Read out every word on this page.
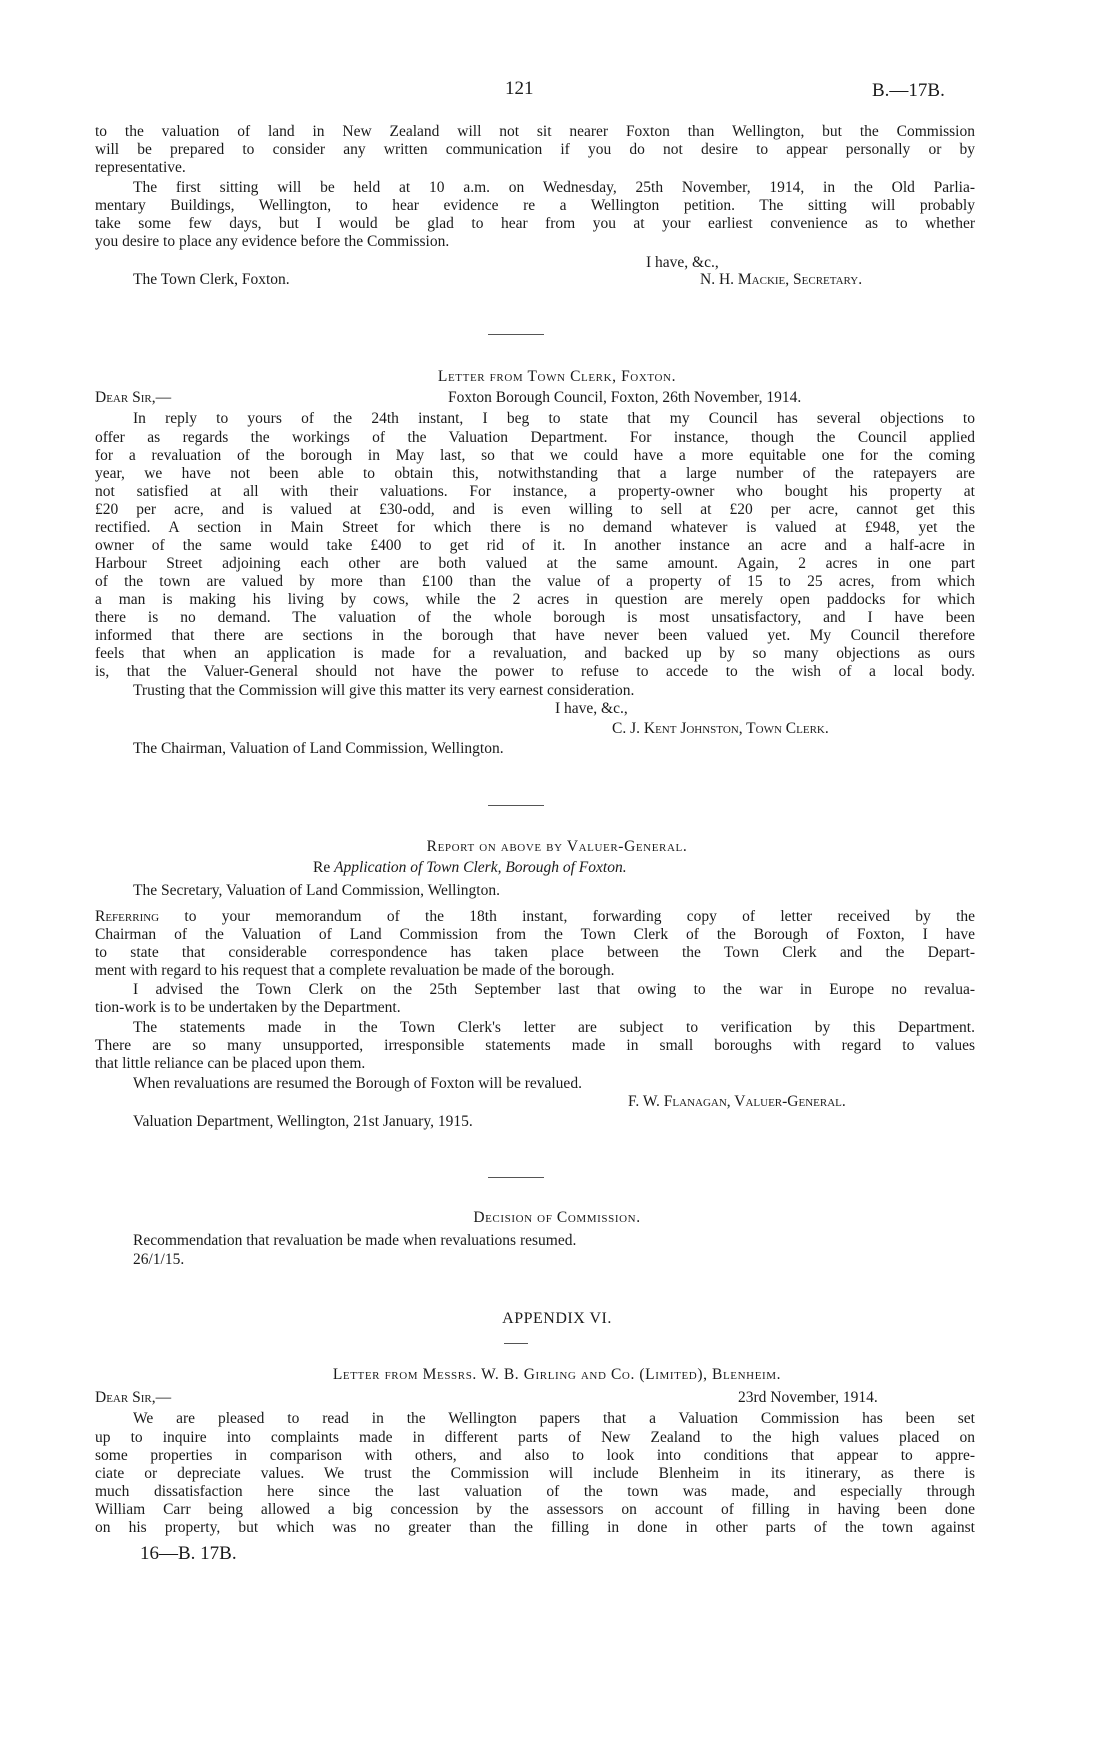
121	B.—17B.
to the valuation of land in New Zealand will not sit nearer Foxton than Wellington, but the Commission
will be prepared to consider any written communication if you do not desire to appear personally or by
representative.
The first sitting will be held at 10 a.m. on Wednesday, 25th November, 1914, in the Old Parlia-
mentary Buildings, Wellington, to hear evidence re a Wellington petition. The sitting will probably
take some few days, but I would be glad to hear from you at your earliest convenience as to whether
you desire to place any evidence before the Commission.
I have, &c.,
The Town Clerk, Foxton.	N. H. Mackie, Secretary.
Letter from Town Clerk, Foxton.
Dear Sir,—	Foxton Borough Council, Foxton, 26th November, 1914.
In reply to yours of the 24th instant, I beg to state that my Council has several objections to
offer as regards the workings of the Valuation Department. For instance, though the Council applied
for a revaluation of the borough in May last, so that we could have a more equitable one for the coming
year, we have not been able to obtain this, notwithstanding that a large number of the ratepayers are
not satisfied at all with their valuations. For instance, a property-owner who bought his property at
£20 per acre, and is valued at £30-odd, and is even willing to sell at £20 per acre, cannot get this
rectified. A section in Main Street for which there is no demand whatever is valued at £948, yet the
owner of the same would take £400 to get rid of it. In another instance an acre and a half-acre in
Harbour Street adjoining each other are both valued at the same amount. Again, 2 acres in one part
of the town are valued by more than £100 than the value of a property of 15 to 25 acres, from which
a man is making his living by cows, while the 2 acres in question are merely open paddocks for which
there is no demand. The valuation of the whole borough is most unsatisfactory, and I have been
informed that there are sections in the borough that have never been valued yet. My Council therefore
feels that when an application is made for a revaluation, and backed up by so many objections as ours
is, that the Valuer-General should not have the power to refuse to accede to the wish of a local body.
Trusting that the Commission will give this matter its very earnest consideration.
I have, &c.,
C. J. Kent Johnston, Town Clerk.
The Chairman, Valuation of Land Commission, Wellington.
Report on above by Valuer-General.
Re Application of Town Clerk, Borough of Foxton.
The Secretary, Valuation of Land Commission, Wellington.
Referring to your memorandum of the 18th instant, forwarding copy of letter received by the
Chairman of the Valuation of Land Commission from the Town Clerk of the Borough of Foxton, I have
to state that considerable correspondence has taken place between the Town Clerk and the Depart-
ment with regard to his request that a complete revaluation be made of the borough.
I advised the Town Clerk on the 25th September last that owing to the war in Europe no revalua-
tion-work is to be undertaken by the Department.
The statements made in the Town Clerk's letter are subject to verification by this Department.
There are so many unsupported, irresponsible statements made in small boroughs with regard to values
that little reliance can be placed upon them.
When revaluations are resumed the Borough of Foxton will be revalued.
F. W. Flanagan, Valuer-General.
Valuation Department, Wellington, 21st January, 1915.
Decision of Commission.
Recommendation that revaluation be made when revaluations resumed.
26/1/15.
APPENDIX VI.
Letter from Messrs. W. B. Girling and Co. (Limited), Blenheim.
Dear Sir,—	23rd November, 1914.
We are pleased to read in the Wellington papers that a Valuation Commission has been set
up to inquire into complaints made in different parts of New Zealand to the high values placed on
some properties in comparison with others, and also to look into conditions that appear to appre-
ciate or depreciate values. We trust the Commission will include Blenheim in its itinerary, as there is
much dissatisfaction here since the last valuation of the town was made, and especially through
William Carr being allowed a big concession by the assessors on account of filling in having been done
on his property, but which was no greater than the filling in done in other parts of the town against
16—B. 17B.
